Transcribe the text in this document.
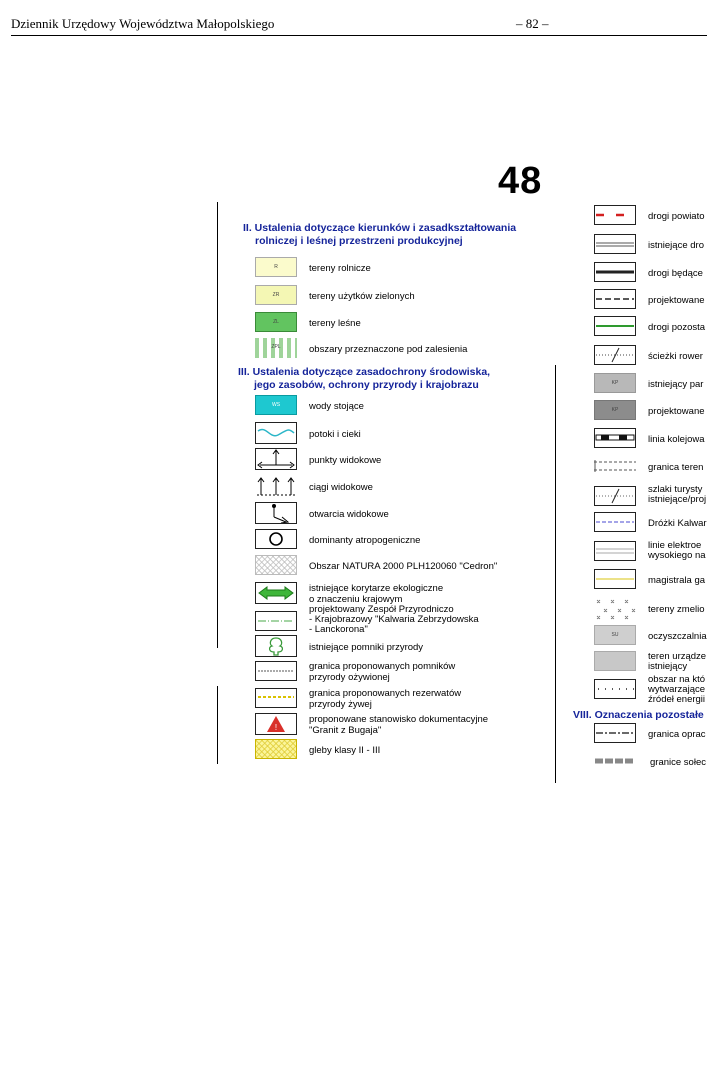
Dziennik Urzędowy Województwa Małopolskiego	– 82 –
48
II. Ustalenia dotyczące kierunków i zasadkształtowania
rolniczej i leśnej przestrzeni produkcyjnej
R	tereny rolnicze
ZR	tereny użytków zielonych
ZL	tereny leśne
ZPL	obszary przeznaczone pod zalesienia
III. Ustalenia dotyczące zasadochrony środowiska,
jego zasobów, ochrony przyrody i krajobrazu
WS	wody stojące
potoki i cieki
punkty widokowe
ciągi widokowe
otwarcia widokowe
dominanty atropogeniczne
Obszar NATURA 2000 PLH120060 "Cedron"
istniejące korytarze ekologiczne
o znaczeniu krajowym
projektowany Zespół Przyrodniczo
- Krajobrazowy "Kalwaria Zebrzydowska
- Lanckorona"
istniejące pomniki przyrody
granica proponowanych pomników
przyrody ożywionej
granica proponowanych rezerwatów
przyrody żywej
!
proponowane stanowisko dokumentacyjne
"Granit z Bugaja"
gleby klasy II - III
drogi powiato
istniejące dro
drogi będące
projektowane
drogi pozosta
ścieżki rower
KP	istniejący par
KP	projektowane
linia kolejowa
granica teren
szlaki turysty
istniejące/proj
Dróżki Kalwar
linie elektroe
wysokiego na
magistrala ga
tereny zmelio
SU	oczyszczalnia
teren urządze
istniejący
obszar na któ
wytwarzające
źródeł energii
VIII. Oznaczenia pozostałe
granica oprac
granice sołec
